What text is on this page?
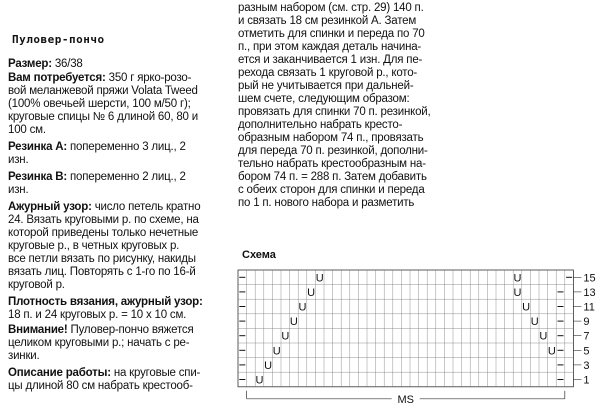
Пуловер-пончо
Размер: 36/38
Вам потребуется: 350 г ярко-розо-
вой меланжевой пряжи Volata Tweed
(100% овечьей шерсти, 100 м/50 г);
круговые спицы № 6 длиной 60, 80 и
100 см.
Резинка А: попеременно 3 лиц., 2
изн.
Резинка В: попеременно 2 лиц., 2
изн.
Ажурный узор: число петель кратно
24. Вязать круговыми р. по схеме, на
которой приведены только нечетные
круговые р., в четных круговых р.
все петли вязать по рисунку, накиды
вязать лиц. Повторять с 1-го по 16-й
круговой р.
Плотность вязания, ажурный узор:
18 п. и 24 круговых р. = 10 х 10 см.
Внимание! Пуловер-пончо вяжется
целиком круговыми р.; начать с ре-
зинки.
Описание работы: на круговые спи-
цы длиной 80 см набрать крестооб-
разным набором (см. стр. 29) 140 п.
и связать 18 см резинкой А. Затем
отметить для спинки и переда по 70
п., при этом каждая деталь начина-
ется и заканчивается 1 изн. Для пе-
рехода связать 1 круговой р., кото-
рый не учитывается при дальней-
шем счете, следующим образом:
провязать для спинки 70 п. резинкой,
дополнительно набрать кресто-
образным набором 74 п., провязать
для переда 70 п. резинкой, дополни-
тельно набрать крестообразным на-
бором 74 п. = 288 п. Затем добавить
с обеих сторон для спинки и переда
по 1 п. нового набора и разметить
Схема
U	U
U	U
U	U
U	U
U	U
U	U
U
U
15
13
11
9
7
5
3
1
MS
